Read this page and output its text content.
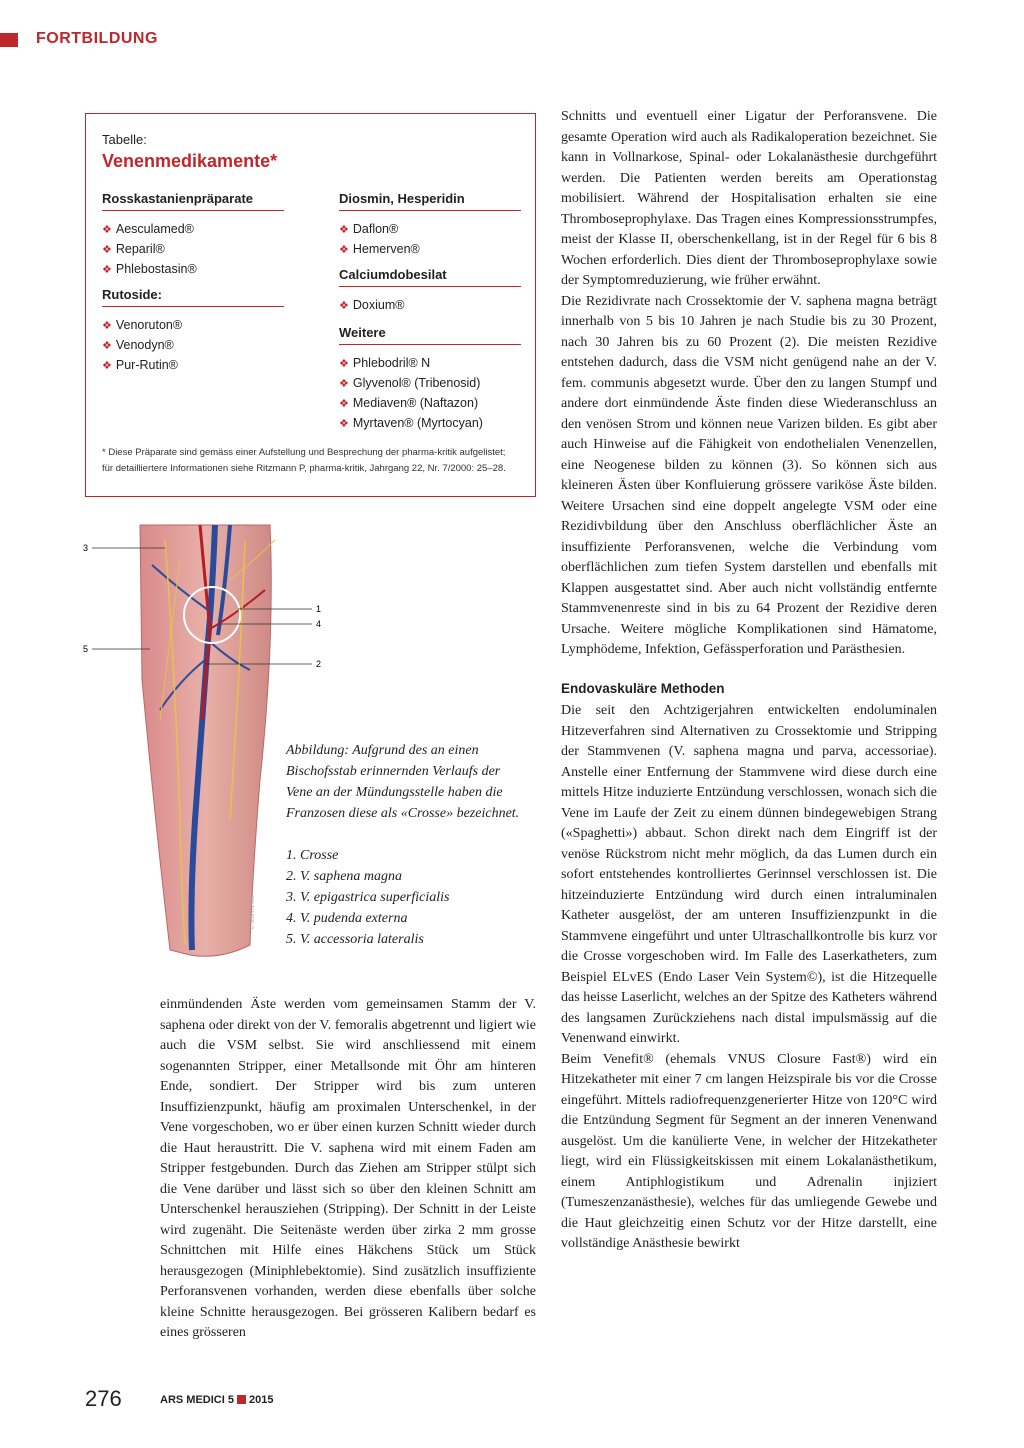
FORTBILDUNG
Tabelle:
Venenmedikamente*
Rosskastanienpräparate
❖ Aesculamed®
❖ Reparil®
❖ Phlebostasin®
Rutoside:
❖ Venoruton®
❖ Venodyn®
❖ Pur-Rutin®
Diosmin, Hesperidin
❖ Daflon®
❖ Hemerven®
Calciumdobesilat
❖ Doxium®
Weitere
❖ Phlebodril® N
❖ Glyvenol® (Tribenosid)
❖ Mediaven® (Naftazon)
❖ Myrtaven® (Myrtocyan)
* Diese Präparate sind gemäss einer Aufstellung und Besprechung der pharma-kritik aufgelistet;
für detailliertere Informationen siehe Ritzmann P, pharma-kritik, Jahrgang 22, Nr. 7/2000: 25–28.
3
5
1
4
2
© SIGVARIS
Abbildung: Aufgrund des an einen Bischofsstab erinnernden Verlaufs der Vene an der Mündungsstelle haben die Franzosen diese als «Crosse» bezeichnet.
1. Crosse
2. V. saphena magna
3. V. epigastrica superficialis
4. V. pudenda externa
5. V. accessoria lateralis

einmündenden Äste werden vom gemeinsamen Stamm der V. saphena oder direkt von der V. femoralis abgetrennt und ligiert wie auch die VSM selbst. Sie wird anschliessend mit einem sogenannten Stripper, einer Metallsonde mit Öhr am hinteren Ende, sondiert. Der Stripper wird bis zum unteren Insuffizienzpunkt, häufig am proximalen Unterschenkel, in der Vene vorgeschoben, wo er über einen kurzen Schnitt wieder durch die Haut heraustritt. Die V. saphena wird mit einem Faden am Stripper festgebunden. Durch das Ziehen am Stripper stülpt sich die Vene darüber und lässt sich so über den kleinen Schnitt am Unterschenkel herausziehen (Stripping). Der Schnitt in der Leiste wird zugenäht. Die Seitenäste werden über zirka 2 mm grosse Schnittchen mit Hilfe eines Häkchens Stück um Stück herausgezogen (Miniphlebektomie). Sind zusätzlich insuffiziente Perforansvenen vorhanden, werden diese ebenfalls über solche kleine Schnitte herausgezogen. Bei grösseren Kalibern bedarf es eines grösseren

Schnitts und eventuell einer Ligatur der Perforansvene. Die gesamte Operation wird auch als Radikaloperation bezeichnet. Sie kann in Vollnarkose, Spinal- oder Lokalanästhesie durchgeführt werden. Die Patienten werden bereits am Operationstag mobilisiert. Während der Hospitalisation erhalten sie eine Thromboseprophylaxe. Das Tragen eines Kompressionsstrumpfes, meist der Klasse II, oberschenkellang, ist in der Regel für 6 bis 8 Wochen erforderlich. Dies dient der Thromboseprophylaxe sowie der Symptomreduzierung, wie früher erwähnt.

Die Rezidivrate nach Crossektomie der V. saphena magna beträgt innerhalb von 5 bis 10 Jahren je nach Studie bis zu 30 Prozent, nach 30 Jahren bis zu 60 Prozent (2). Die meisten Rezidive entstehen dadurch, dass die VSM nicht genügend nahe an der V. fem. communis abgesetzt wurde. Über den zu langen Stumpf und andere dort einmündende Äste finden diese Wiederanschluss an den venösen Strom und können neue Varizen bilden. Es gibt aber auch Hinweise auf die Fähigkeit von endothelialen Venenzellen, eine Neogenese bilden zu können (3). So können sich aus kleineren Ästen über Konfluierung grössere variköse Äste bilden. Weitere Ursachen sind eine doppelt angelegte VSM oder eine Rezidivbildung über den Anschluss oberflächlicher Äste an insuffiziente Perforansvenen, welche die Verbindung vom oberflächlichen zum tiefen System darstellen und ebenfalls mit Klappen ausgestattet sind. Aber auch nicht vollständig entfernte Stammvenenreste sind in bis zu 64 Prozent der Rezidive deren Ursache. Weitere mögliche Komplikationen sind Hämatome, Lymphödeme, Infektion, Gefässperforation und Parästhesien.

Endovaskuläre Methoden

Die seit den Achtzigerjahren entwickelten endoluminalen Hitzeverfahren sind Alternativen zu Crossektomie und Stripping der Stammvenen (V. saphena magna und parva, accessoriae). Anstelle einer Entfernung der Stammvene wird diese durch eine mittels Hitze induzierte Entzündung verschlossen, wonach sich die Vene im Laufe der Zeit zu einem dünnen bindegewebigen Strang («Spaghetti») abbaut. Schon direkt nach dem Eingriff ist der venöse Rückstrom nicht mehr möglich, da das Lumen durch ein sofort entstehendes kontrolliertes Gerinnsel verschlossen ist. Die hitzeinduzierte Entzündung wird durch einen intraluminalen Katheter ausgelöst, der am unteren Insuffizienzpunkt in die Stammvene eingeführt und unter Ultraschallkontrolle bis kurz vor die Crosse vorgeschoben wird. Im Falle des Laserkatheters, zum Beispiel ELvES (Endo Laser Vein System©), ist die Hitzequelle das heisse Laserlicht, welches an der Spitze des Katheters während des langsamen Zurückziehens nach distal impulsmässig auf die Venenwand einwirkt.

Beim Venefit® (ehemals VNUS Closure Fast®) wird ein Hitzekatheter mit einer 7 cm langen Heizspirale bis vor die Crosse eingeführt. Mittels radiofrequenzgenerierter Hitze von 120°C wird die Entzündung Segment für Segment an der inneren Venenwand ausgelöst. Um die kanülierte Vene, in welcher der Hitzekatheter liegt, wird ein Flüssigkeitskissen mit einem Lokalanästhetikum, einem Antiphlogistikum und Adrenalin injiziert (Tumeszenzanästhesie), welches für das umliegende Gewebe und die Haut gleichzeitig einen Schutz vor der Hitze darstellt, eine vollständige Anästhesie bewirkt

276	ARS MEDICI 5 2015
